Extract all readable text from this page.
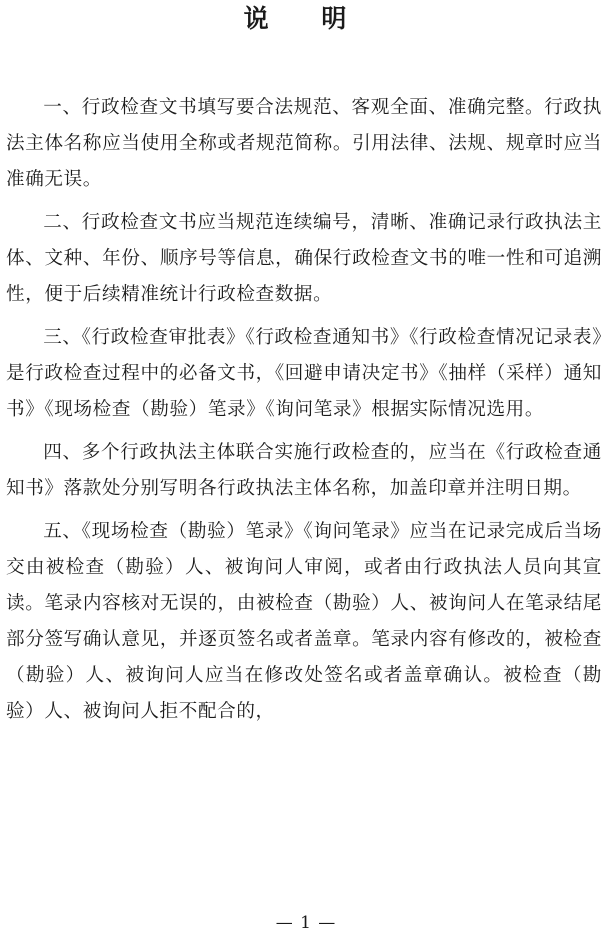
说 明

一、行政检查文书填写要合法规范、客观全面、准确完整。行政执法主体名称应当使用全称或者规范简称。引用法律、法规、规章时应当准确无误。

二、行政检查文书应当规范连续编号，清晰、准确记录行政执法主体、文种、年份、顺序号等信息，确保行政检查文书的唯一性和可追溯性，便于后续精准统计行政检查数据。

三、《行政检查审批表》《行政检查通知书》《行政检查情况记录表》是行政检查过程中的必备文书，《回避申请决定书》《抽样（采样）通知书》《现场检查（勘验）笔录》《询问笔录》根据实际情况选用。

四、多个行政执法主体联合实施行政检查的，应当在《行政检查通知书》落款处分别写明各行政执法主体名称，加盖印章并注明日期。

五、《现场检查（勘验）笔录》《询问笔录》应当在记录完成后当场交由被检查（勘验）人、被询问人审阅，或者由行政执法人员向其宣读。笔录内容核对无误的，由被检查（勘验）人、被询问人在笔录结尾部分签写确认意见，并逐页签名或者盖章。笔录内容有修改的，被检查（勘验）人、被询问人应当在修改处签名或者盖章确认。被检查（勘验）人、被询问人拒不配合的，

— 1 —
